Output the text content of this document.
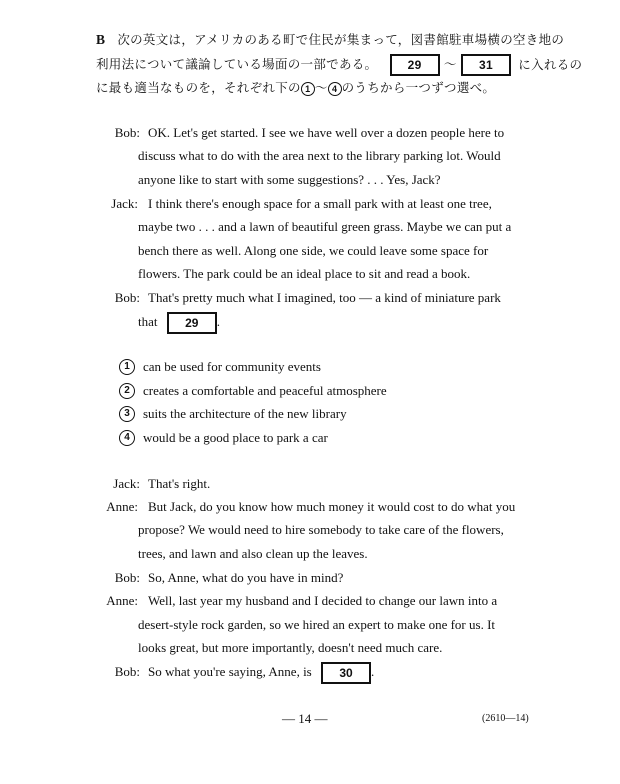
B 次の英文は，アメリカのある町で住民が集まって，図書館駐車場横の空き地の
利用法について議論している場面の一部である。	29 ～ 31 に入れるの
に最も適当なものを，それぞれ下の 1 ～ 4 のうちから一つずつ選べ。
Bob: OK. Let's get started. I see we have well over a dozen people here to
discuss what to do with the area next to the library parking lot. Would
anyone like to start with some suggestions? . . . Yes, Jack?
Jack: I think there's enough space for a small park with at least one tree,
maybe two . . . and a lawn of beautiful green grass. Maybe we can put a
bench there as well. Along one side, we could leave some space for
flowers. The park could be an ideal place to sit and read a book.
Bob: That's pretty much what I imagined, too — a kind of miniature park
that 29 .
1	can be used for community events
2	creates a comfortable and peaceful atmosphere
3	suits the architecture of the new library
4	would be a good place to park a car
Jack: That's right.
Anne: But Jack, do you know how much money it would cost to do what you
propose? We would need to hire somebody to take care of the flowers,
trees, and lawn and also clean up the leaves.
Bob: So, Anne, what do you have in mind?
Anne: Well, last year my husband and I decided to change our lawn into a
desert-style rock garden, so we hired an expert to make one for us. It
looks great, but more importantly, doesn't need much care.
Bob: So what you're saying, Anne, is 30 .
— 14 —	(2610—14)
